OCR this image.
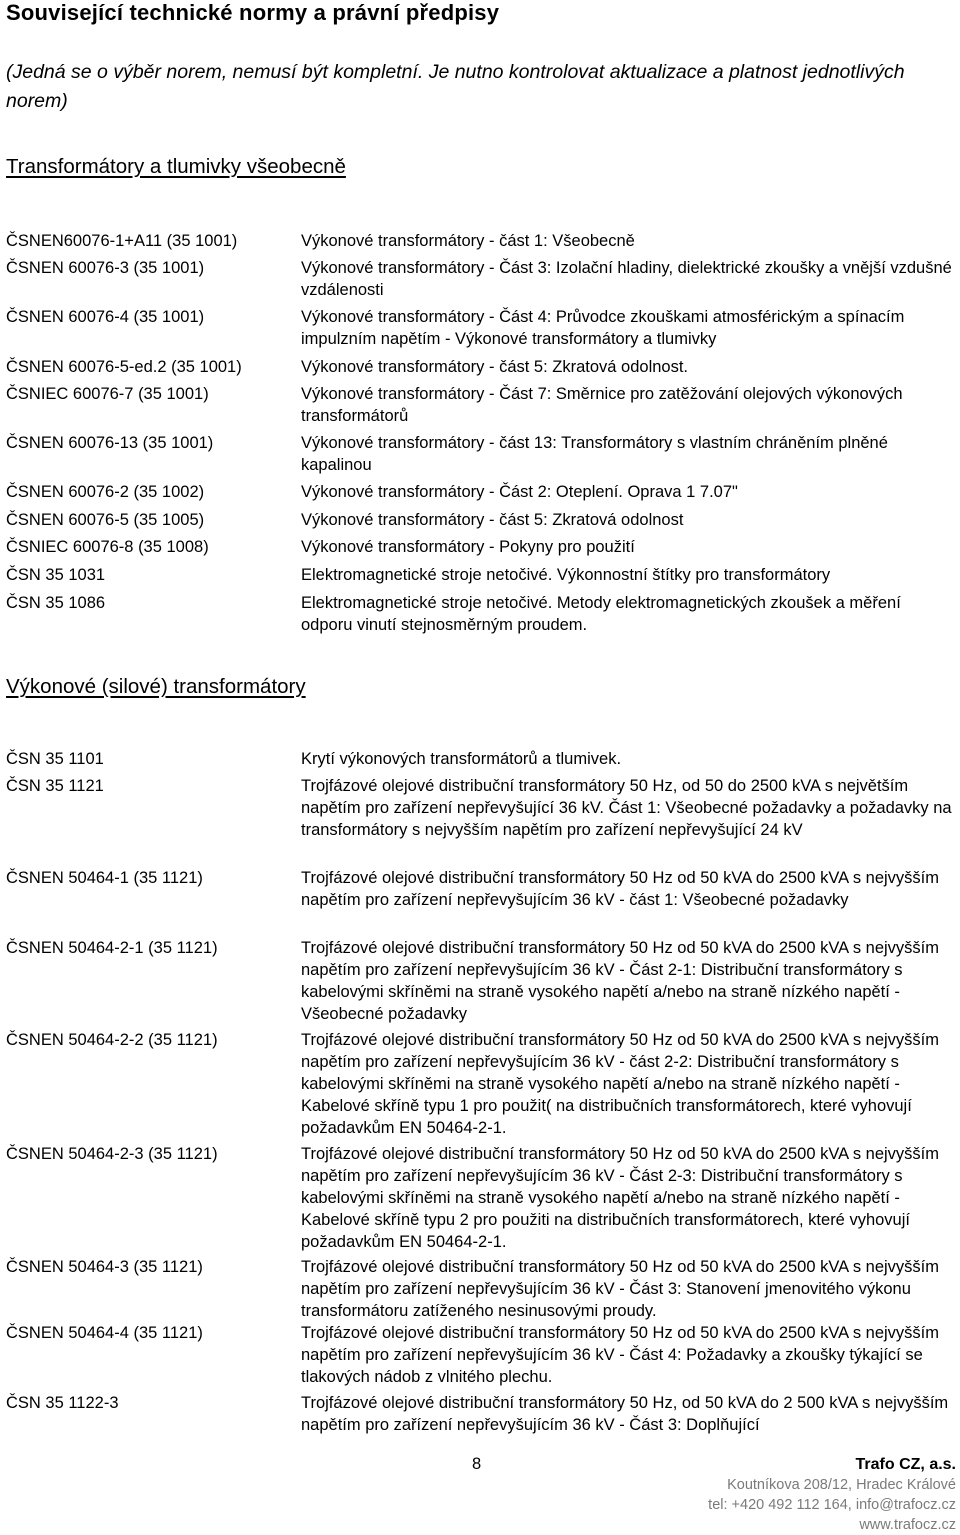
Související technické normy a právní předpisy
(Jedná se o výběr norem, nemusí být kompletní. Je nutno kontrolovat aktualizace a platnost jednotlivých norem)
Transformátory a tlumivky všeobecně
ČSNEN60076-1+A11 (35 1001)	Výkonové transformátory - část 1: Všeobecně
ČSNEN 60076-3 (35 1001)	Výkonové transformátory - Část 3: Izolační hladiny, dielektrické zkoušky a vnější vzdušné vzdálenosti
ČSNEN 60076-4 (35 1001)	Výkonové transformátory - Část 4: Průvodce zkouškami atmosférickým a spínacím impulzním napětím - Výkonové transformátory a tlumivky
ČSNEN 60076-5-ed.2 (35 1001)	Výkonové transformátory - část 5: Zkratová odolnost.
ČSNIEC 60076-7 (35 1001)	Výkonové transformátory - Část 7: Směrnice pro zatěžování olejových výkonových transformátorů
ČSNEN 60076-13 (35 1001)	Výkonové transformátory - část 13: Transformátory s vlastním chráněním plněné kapalinou
ČSNEN 60076-2 (35 1002)	Výkonové transformátory - Část 2: Oteplení. Oprava 1 7.07"
ČSNEN 60076-5 (35 1005)	Výkonové transformátory - část 5: Zkratová odolnost
ČSNIEC 60076-8 (35 1008)	Výkonové transformátory - Pokyny pro použití
ČSN 35 1031	Elektromagnetické stroje netočivé. Výkonnostní štítky pro transformátory
ČSN 35 1086	Elektromagnetické stroje netočivé. Metody elektromagnetických zkoušek a měření odporu vinutí stejnosměrným proudem.
Výkonové (silové) transformátory
ČSN 35 1101	Krytí výkonových transformátorů a tlumivek.
ČSN 35 1121	Trojfázové olejové distribuční transformátory 50 Hz, od 50 do 2500 kVA s největším napětím pro zařízení nepřevyšující 36 kV. Část 1: Všeobecné požadavky a požadavky na transformátory s nejvyšším napětím pro zařízení nepřevyšující 24 kV
ČSNEN 50464-1 (35 1121)	Trojfázové olejové distribuční transformátory 50 Hz od 50 kVA do 2500 kVA s nejvyšším napětím pro zařízení nepřevyšujícím 36 kV - část 1: Všeobecné požadavky
ČSNEN 50464-2-1 (35 1121)	Trojfázové olejové distribuční transformátory 50 Hz od 50 kVA do 2500 kVA s nejvyšším napětím pro zařízení nepřevyšujícím 36 kV - Část 2-1: Distribuční transformátory s kabelovými skříněmi na straně vysokého napětí a/nebo na straně nízkého napětí - Všeobecné požadavky
ČSNEN 50464-2-2 (35 1121)	Trojfázové olejové distribuční transformátory 50 Hz od 50 kVA do 2500 kVA s nejvyšším napětím pro zařízení nepřevyšujícím 36 kV - část 2-2: Distribuční transformátory s kabelovými skříněmi na straně vysokého napětí a/nebo na straně nízkého napětí - Kabelové skříně typu 1 pro použit( na distribučních transformátorech, které vyhovují požadavkům EN 50464-2-1.
ČSNEN 50464-2-3 (35 1121)	Trojfázové olejové distribuční transformátory 50 Hz od 50 kVA do 2500 kVA s nejvyšším napětím pro zařízení nepřevyšujícím 36 kV - Část 2-3: Distribuční transformátory s kabelovými skříněmi na straně vysokého napětí a/nebo na straně nízkého napětí - Kabelové skříně typu 2 pro použiti na distribučních transformátorech, které vyhovují požadavkům EN 50464-2-1.
ČSNEN 50464-3 (35 1121)	Trojfázové olejové distribuční transformátory 50 Hz od 50 kVA do 2500 kVA s nejvyšším napětím pro zařízení nepřevyšujícím 36 kV - Část 3: Stanovení jmenovitého výkonu transformátoru zatíženého nesinusovými proudy.
ČSNEN 50464-4 (35 1121)	Trojfázové olejové distribuční transformátory 50 Hz od 50 kVA do 2500 kVA s nejvyšším napětím pro zařízení nepřevyšujícím 36 kV - Část 4: Požadavky a zkoušky týkající se tlakových nádob z vlnitého plechu.
ČSN 35 1122-3	Trojfázové olejové distribuční transformátory 50 Hz, od 50 kVA do 2 500 kVA s nejvyšším napětím pro zařízení nepřevyšujícím 36 kV - Část 3: Doplňující
8	Trafo CZ, a.s.
Koutníkova 208/12, Hradec Králové
tel: +420 492 112 164, info@trafocz.cz
www.trafocz.cz
